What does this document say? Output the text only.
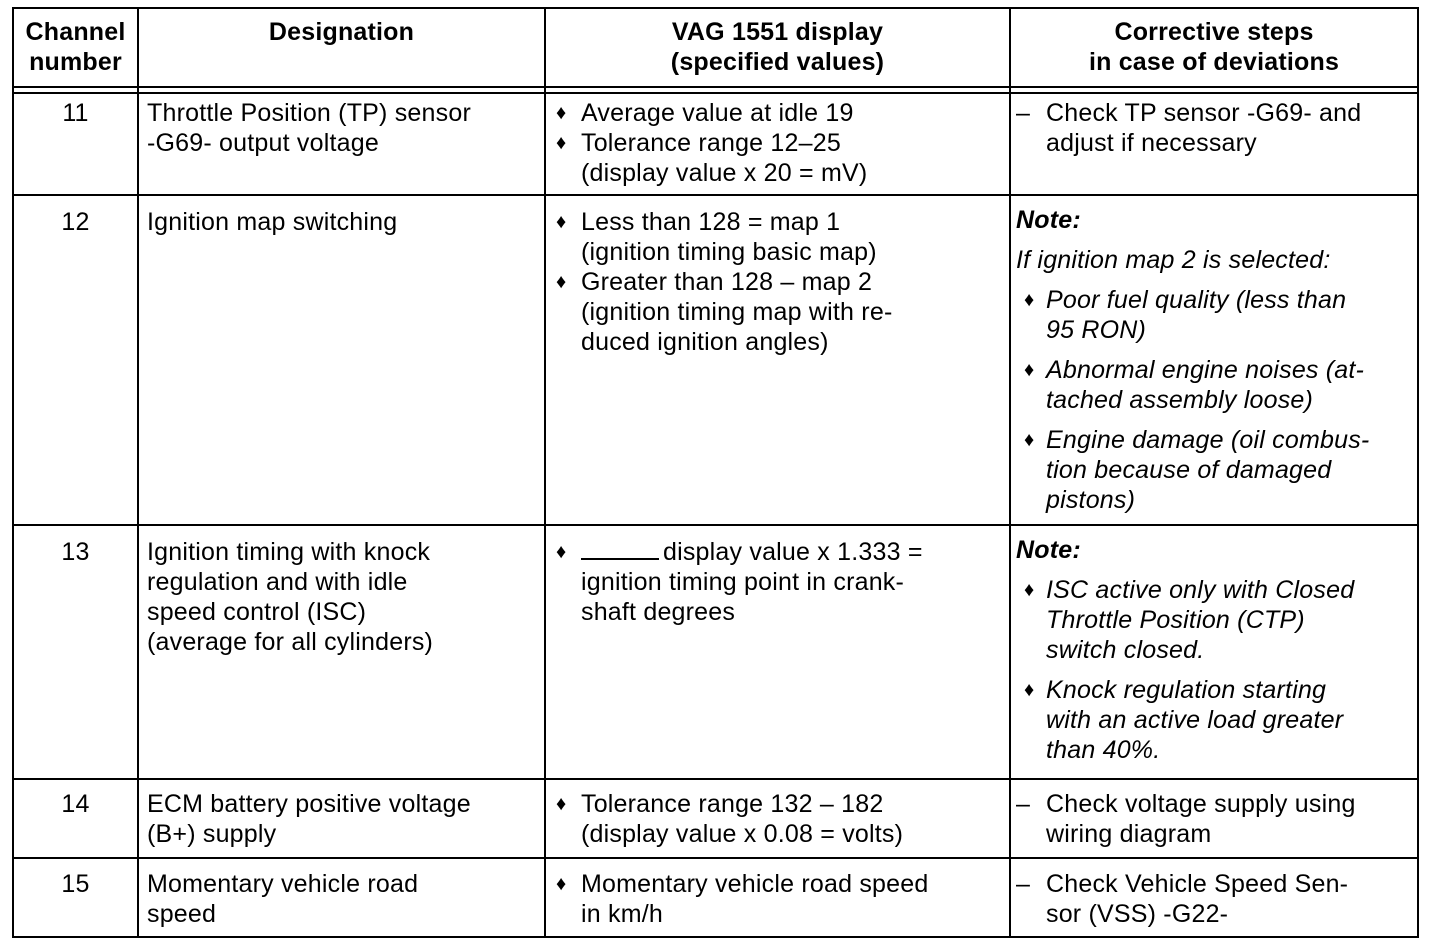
Channel
number
Designation	VAG 1551 display
(specified values)
Corrective steps
in case of deviations
11	Throttle Position (TP) sensor
-G69- output voltage
♦ Average value at idle 19
♦ Tolerance range 12–25
(display value x 20 = mV)
– Check TP sensor -G69- and
adjust if necessary
12	Ignition map switching
♦	Less than 128 = map 1
(ignition timing basic map)
♦ Greater than 128 – map 2
(ignition timing map with re-
duced ignition angles)
Note:
If ignition map 2 is selected:
♦ Poor fuel quality (less than
95 RON)
♦ Abnormal engine noises (at-
tached assembly loose)
♦ Engine damage (oil combus-
tion because of damaged
pistons)
13	Ignition timing with knock
regulation and with idle
speed control (ISC)
(average for all cylinders)
♦ display value x 1.333 =
ignition timing point in crank-
shaft degrees
Note:
♦ ISC active only with Closed
Throttle Position (CTP)
switch closed.
♦ Knock regulation starting
with an active load greater
than 40%.
14	ECM battery positive voltage
(B+) supply
♦ Tolerance range 132 – 182
(display value x 0.08 = volts)
– Check voltage supply using
wiring diagram
15	Momentary vehicle road
speed
♦ Momentary vehicle road speed
in km/h
– Check Vehicle Speed Sen-
sor (VSS) -G22-
